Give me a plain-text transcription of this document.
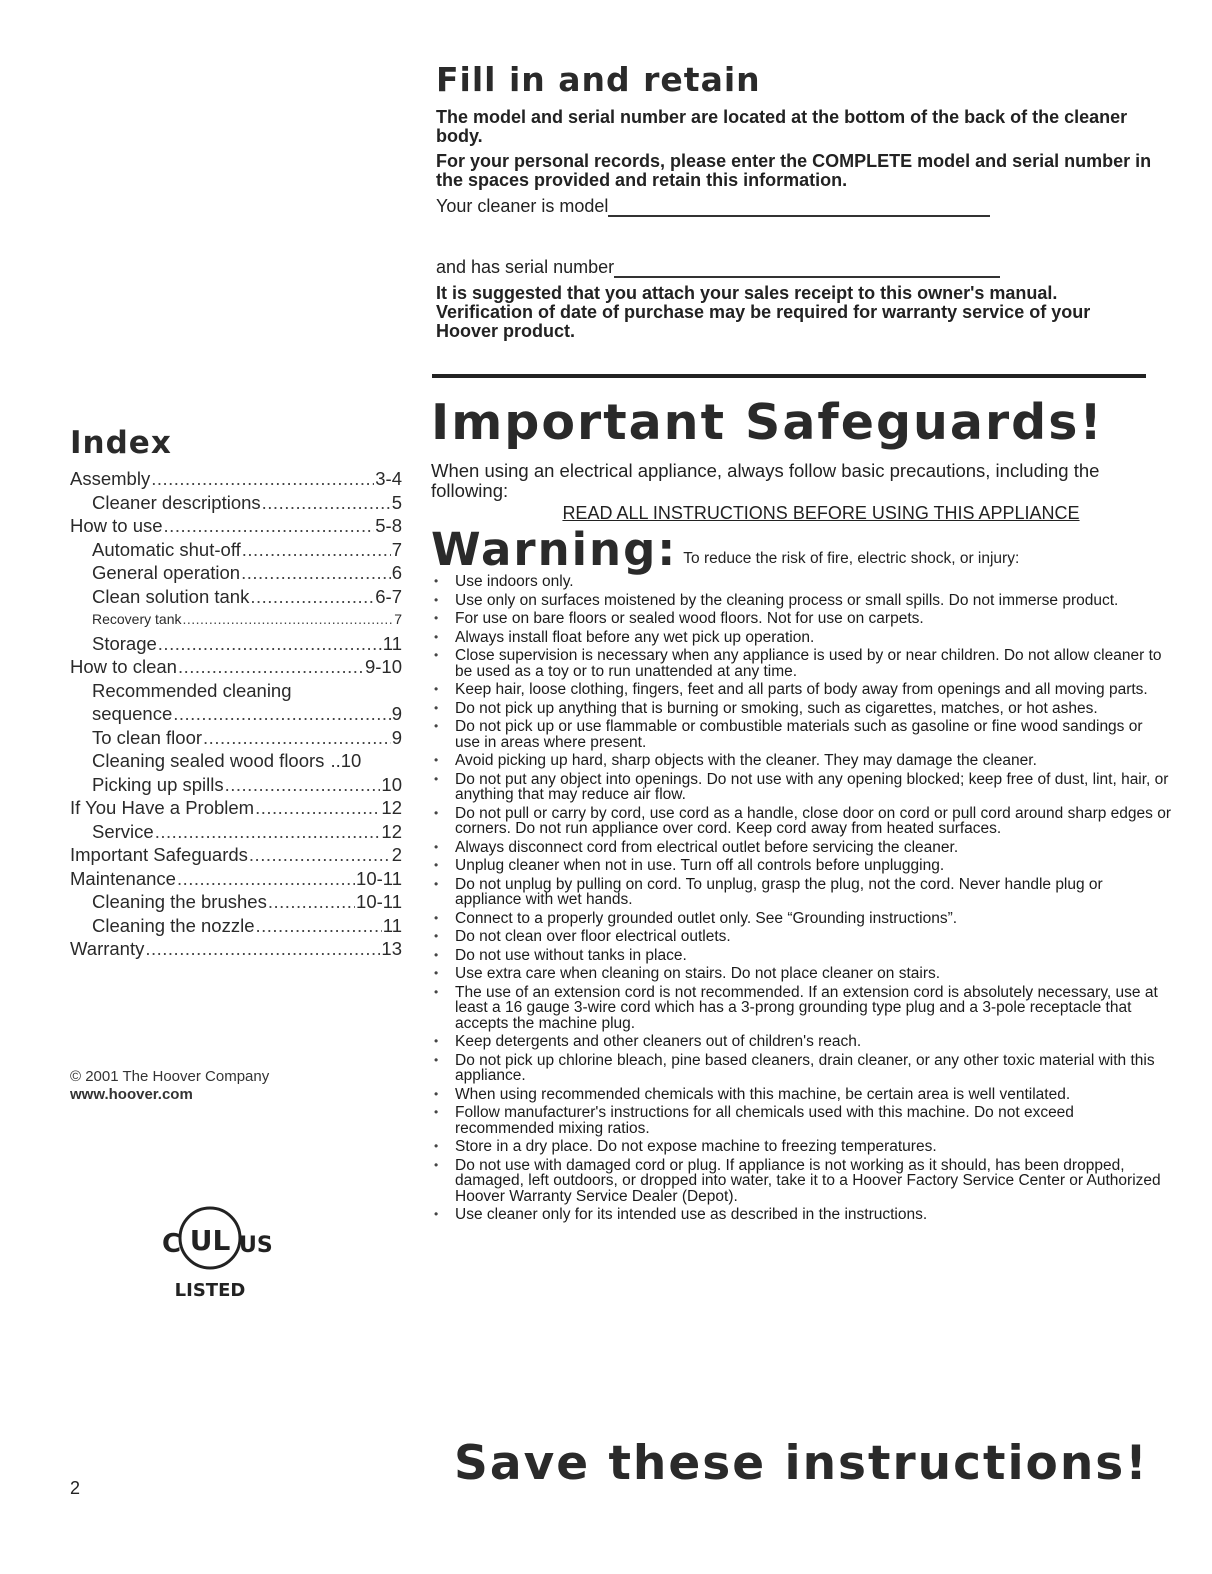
Fill in and retain

The model and serial number are located at the bottom of the back of the cleaner body.

For your personal records, please enter the COMPLETE model and serial number in the spaces provided and retain this information.

Your cleaner is model
and has serial number

It is suggested that you attach your sales receipt to this owner's manual. Verification of date of purchase may be required for warranty service of your Hoover product.

Index
Assembly .....	3-4
Cleaner descriptions .....	5
How to use .....	5-8
Automatic shut-off .....	7
General operation .....	6
Clean solution tank .....	6-7
Recovery tank .....	7
Storage .....	11
How to clean .....	9-10
Recommended cleaning
sequence .....	9
To clean floor .....	9
Cleaning sealed wood floors ..10
Picking up spills .....	10
If You Have a Problem .....	12
Service .....	12
Important Safeguards .....	2
Maintenance .....	10-11
Cleaning the brushes .....	10-11
Cleaning the nozzle .....	11
Warranty .....	13
© 2001 The Hoover Company
www.hoover.com
C	US
UL
LISTED
2
Important Safeguards!

When using an electrical appliance, always follow basic precautions, including the following:

READ ALL INSTRUCTIONS BEFORE USING THIS APPLIANCE
Warning: To reduce the risk of fire, electric shock, or injury:
• Use indoors only.
• Use only on surfaces moistened by the cleaning process or small spills. Do not immerse product.
• For use on bare floors or sealed wood floors. Not for use on carpets.
• Always install float before any wet pick up operation.
• Close supervision is necessary when any appliance is used by or near children. Do not allow cleaner to be used as a toy or to run unattended at any time.
• Keep hair, loose clothing, fingers, feet and all parts of body away from openings and all moving parts.
• Do not pick up anything that is burning or smoking, such as cigarettes, matches, or hot ashes.
• Do not pick up or use flammable or combustible materials such as gasoline or fine wood sandings or use in areas where present.
• Avoid picking up hard, sharp objects with the cleaner. They may damage the cleaner.
• Do not put any object into openings. Do not use with any opening blocked; keep free of dust, lint, hair, or anything that may reduce air flow.
• Do not pull or carry by cord, use cord as a handle, close door on cord or pull cord around sharp edges or corners. Do not run appliance over cord. Keep cord away from heated surfaces.
• Always disconnect cord from electrical outlet before servicing the cleaner.
• Unplug cleaner when not in use. Turn off all controls before unplugging.
• Do not unplug by pulling on cord. To unplug, grasp the plug, not the cord. Never handle plug or appliance with wet hands.
• Connect to a properly grounded outlet only. See “Grounding instructions”.
• Do not clean over floor electrical outlets.
• Do not use without tanks in place.
• Use extra care when cleaning on stairs. Do not place cleaner on stairs.
• The use of an extension cord is not recommended. If an extension cord is absolutely necessary, use at least a 16 gauge 3-wire cord which has a 3-prong grounding type plug and a 3-pole receptacle that accepts the machine plug.
• Keep detergents and other cleaners out of children's reach.
• Do not pick up chlorine bleach, pine based cleaners, drain cleaner, or any other toxic material with this appliance.
• When using recommended chemicals with this machine, be certain area is well ventilated.
• Follow manufacturer's instructions for all chemicals used with this machine. Do not exceed recommended mixing ratios.
• Store in a dry place. Do not expose machine to freezing temperatures.
• Do not use with damaged cord or plug. If appliance is not working as it should, has been dropped, damaged, left outdoors, or dropped into water, take it to a Hoover Factory Service Center or Authorized Hoover Warranty Service Dealer (Depot).
• Use cleaner only for its intended use as described in the instructions.
Save these instructions!
